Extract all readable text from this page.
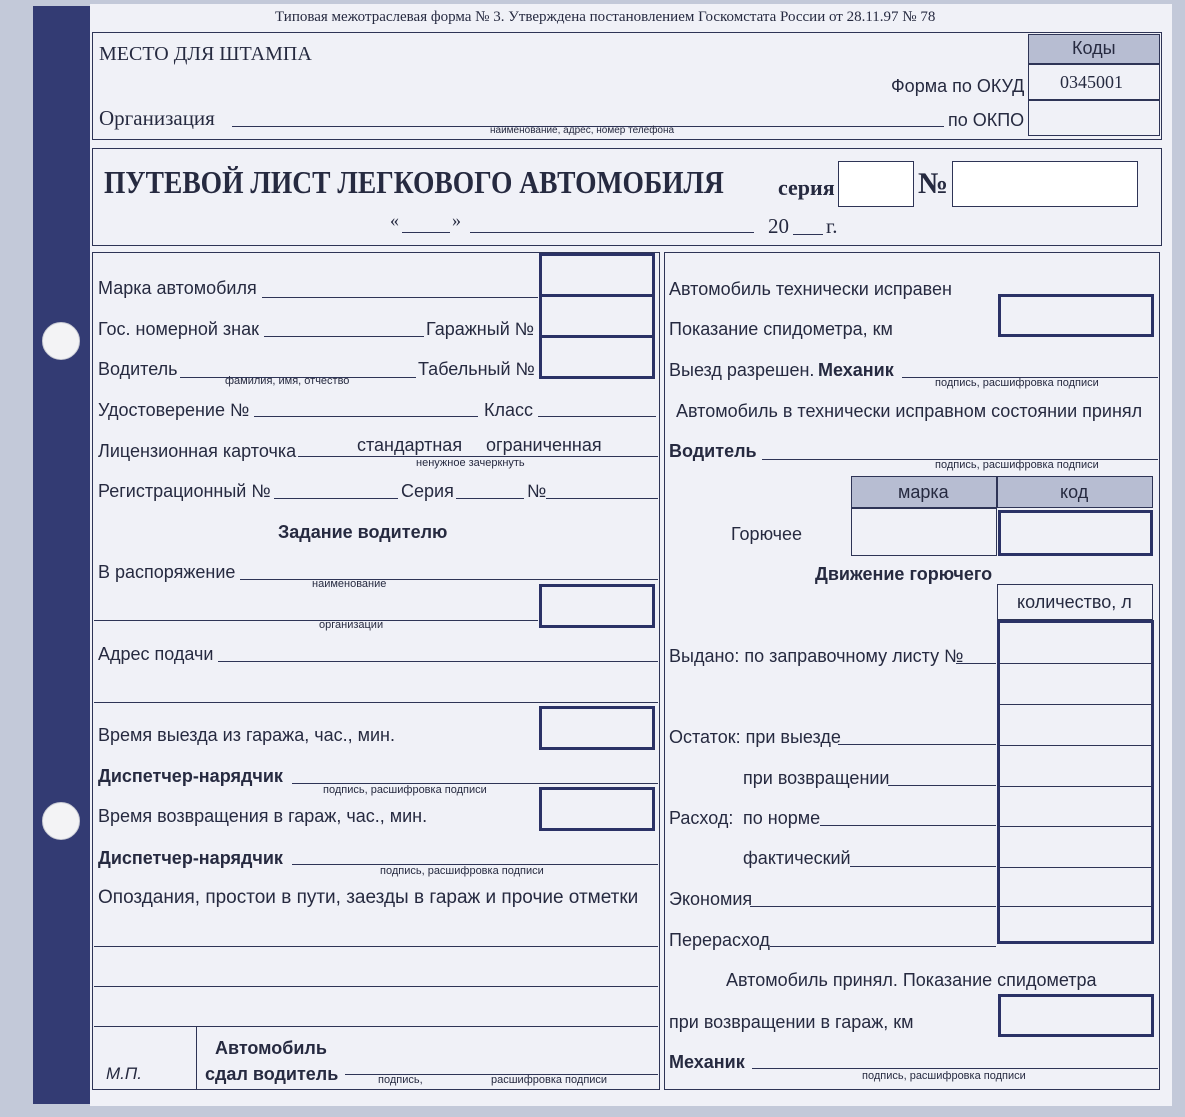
Типовая межотраслевая форма № 3. Утверждена постановлением Госкомстата России от 28.11.97 № 78
МЕСТО ДЛЯ ШТАМПА
Организация
наименование, адрес, номер телефона
Форма по ОКУД
по ОКПО
Коды
0345001
ПУТЕВОЙ ЛИСТ ЛЕГКОВОГО АВТОМОБИЛЯ серия	№
«	»	20 г.
Марка автомобиля
Гос. номерной знак	Гаражный №
Водитель
фамилия, имя, отчество
Табельный №
Удостоверение №	Класс
Лицензионная карточка	стандартная ограниченная
ненужное зачеркнуть
Регистрационный №	Серия	№
Задание водителю
В распоряжение
наименование
организации
Адрес подачи
Время выезда из гаража, час., мин.
Диспетчер-нарядчик
подпись, расшифровка подписи
Время возвращения в гараж, час., мин.
Диспетчер-нарядчик
подпись, расшифровка подписи
Опоздания, простои в пути, заезды в гараж и прочие отметки
М.П.
Автомобиль
сдал водитель	подпись,	расшифровка подписи
Автомобиль технически исправен
Показание спидометра, км
Выезд разрешен. Механик
подпись, расшифровка подписи
Автомобиль в технически исправном состоянии принял
Водитель
подпись, расшифровка подписи
марка	код
Горючее
Движение горючего
количество, л
Выдано: по заправочному листу №
Остаток: при выезде
при возвращении
Расход: по норме
фактический
Экономия
Перерасход
Автомобиль принял. Показание спидометра
при возвращении в гараж, км
Механик
подпись, расшифровка подписи
